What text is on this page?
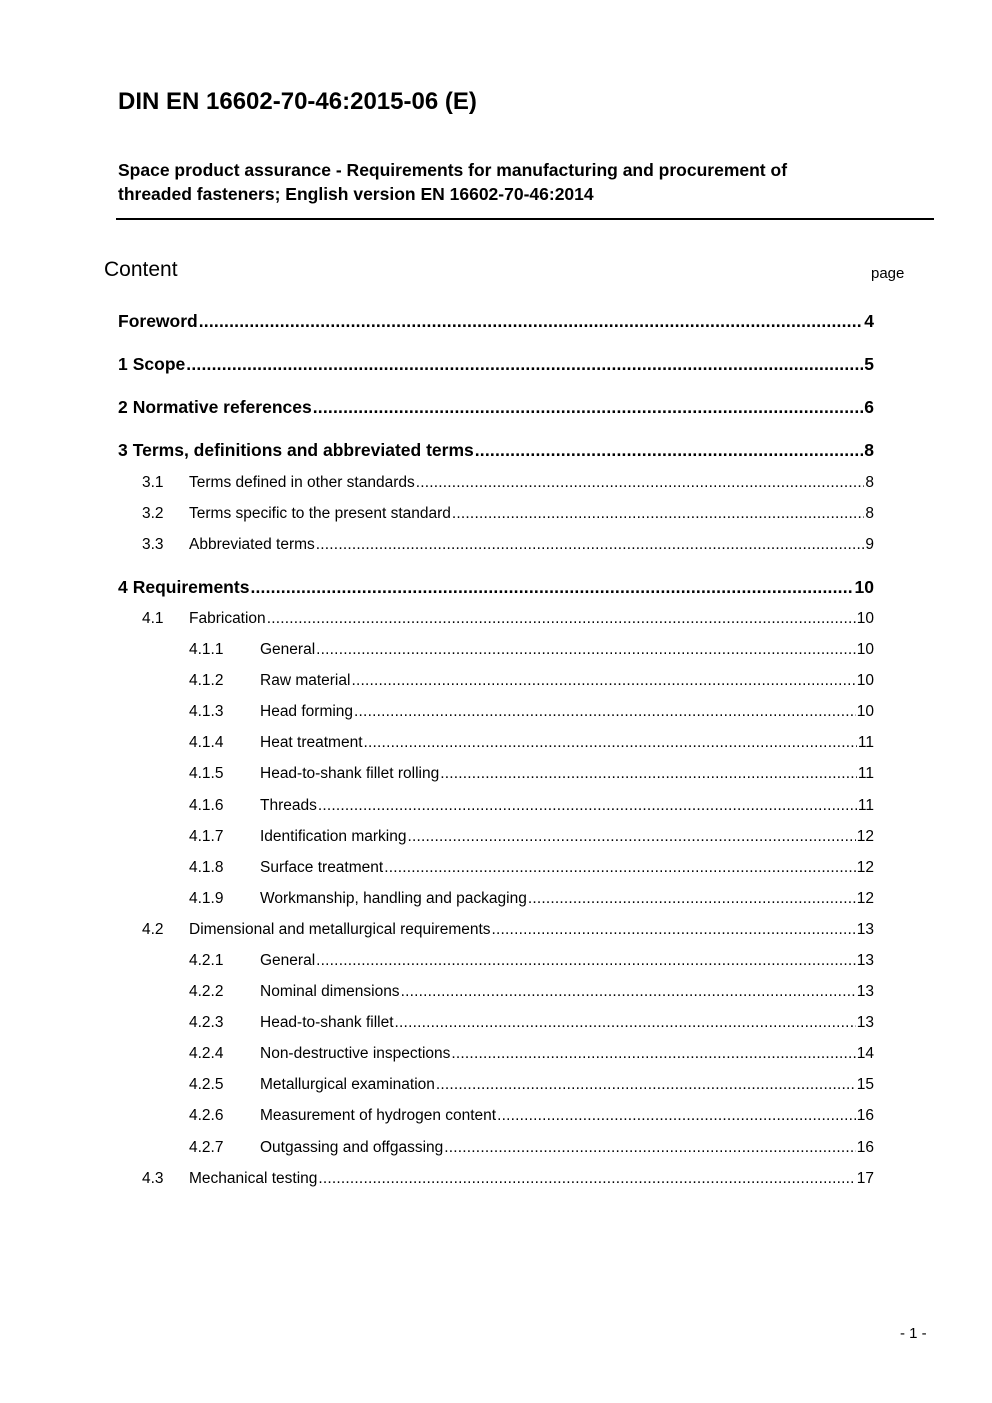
DIN EN 16602-70-46:2015-06 (E)
Space product assurance - Requirements for manufacturing and procurement of
threaded fasteners; English version EN 16602-70-46:2014
Content	page
Foreword .....	4
1 Scope .....	5
2 Normative references .....	6
3 Terms, definitions and abbreviated terms .....	8
3.1	Terms defined in other standards .....	8
3.2	Terms specific to the present standard .....	8
3.3	Abbreviated terms .....	9
4 Requirements .....	10
4.1	Fabrication .....	10
4.1.1	General .....	10
4.1.2	Raw material .....	10
4.1.3	Head forming .....	10
4.1.4	Heat treatment .....	11
4.1.5	Head-to-shank fillet rolling .....	11
4.1.6	Threads .....	11
4.1.7	Identification marking .....	12
4.1.8	Surface treatment .....	12
4.1.9	Workmanship, handling and packaging .....	12
4.2	Dimensional and metallurgical requirements .....	13
4.2.1	General .....	13
4.2.2	Nominal dimensions .....	13
4.2.3	Head-to-shank fillet .....	13
4.2.4	Non-destructive inspections .....	14
4.2.5	Metallurgical examination .....	15
4.2.6	Measurement of hydrogen content .....	16
4.2.7	Outgassing and offgassing .....	16
4.3	Mechanical testing .....	17
- 1 -
